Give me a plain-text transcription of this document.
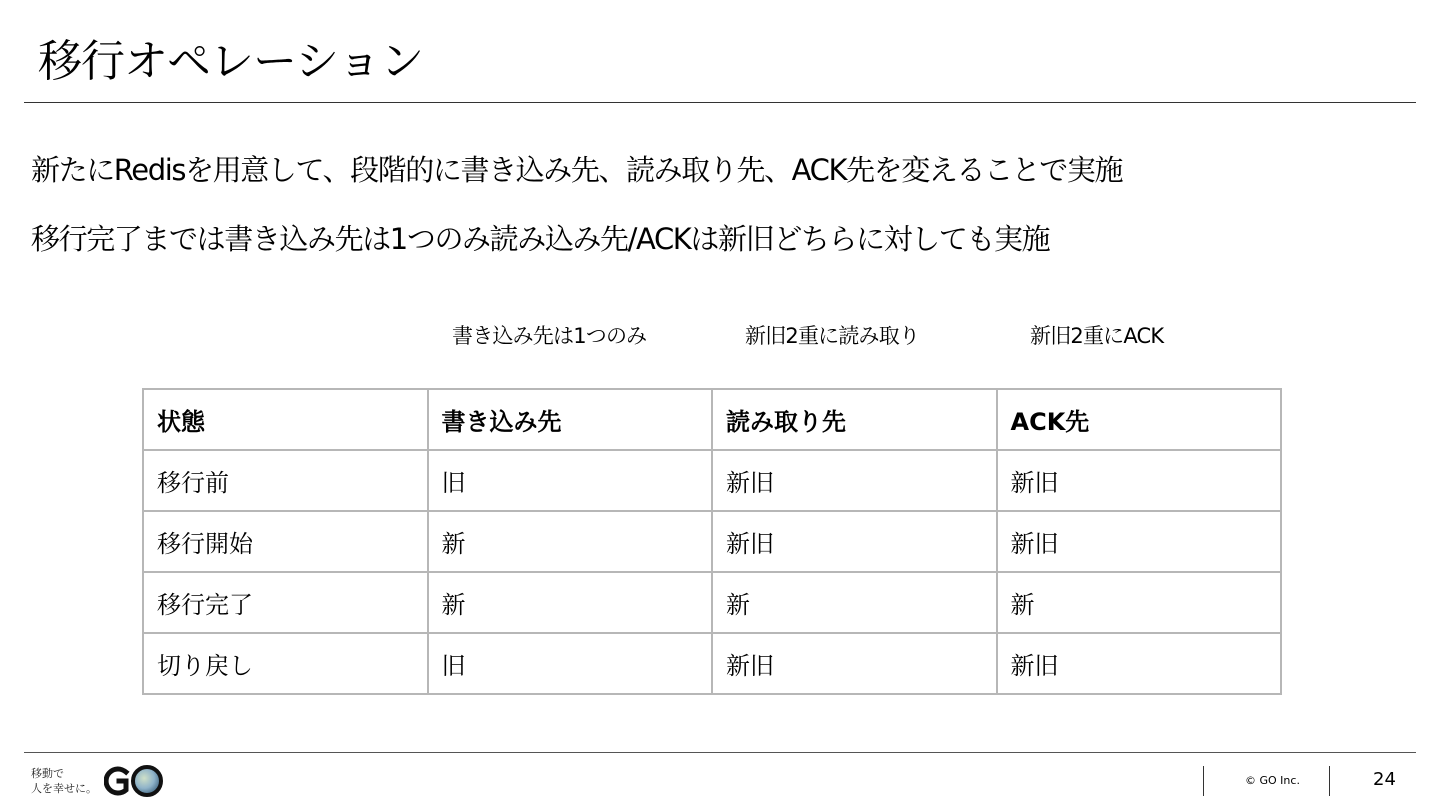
移行オペレーション
新たにRedisを用意して、段階的に書き込み先、読み取り先、ACK先を変えることで実施
移行完了までは書き込み先は1つのみ読み込み先/ACKは新旧どちらに対しても実施
書き込み先は1つのみ	新旧2重に読み取り	新旧2重にACK
状態	書き込み先	読み取り先	ACK先
移行前	旧	新旧	新旧
移行開始	新	新旧	新旧
移行完了	新	新	新
切り戻し	旧	新旧	新旧
移動で
人を幸せに。
© GO Inc.	24
